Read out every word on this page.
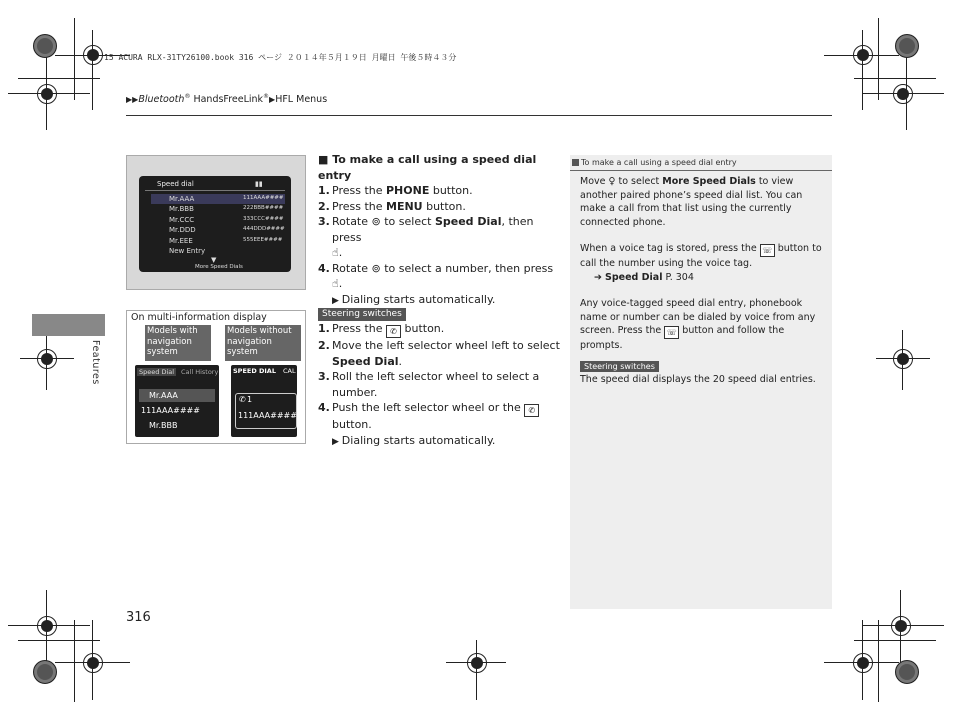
15 ACURA RLX-31TY26100.book 316 ページ ２０１４年５月１９日 月曜日 午後５時４３分
▶▶Bluetooth® HandsFreeLink®▶HFL Menus
Features
Speed dial	▮▮
Mr.AAA	111AAA####
Mr.BBB	222BBB####
Mr.CCC	333CCC####
Mr.DDD	444DDD####
Mr.EEE	555EEE####
New Entry
▼
More Speed Dials
On multi-information display
Models with navigation system
Models without navigation system
Speed Dial	Call History
Mr.AAA
111AAA####
Mr.BBB
SPEED DIAL CAL
✆ 1
111AAA####
■ To make a call using a speed dial entry
1. Press the PHONE button.
2. Press the MENU button.
3. Rotate ⊚ to select Speed Dial, then press
☝.
4. Rotate ⊚ to select a number, then press
☝.
▶ Dialing starts automatically.
Steering switches
1. Press the ✆ button.
2. Move the left selector wheel left to select
Speed Dial.
3. Roll the left selector wheel to select a number.
4. Push the left selector wheel or the ✆
button.
▶ Dialing starts automatically.
To make a call using a speed dial entry

Move ♀ to select More Speed Dials to view another paired phone’s speed dial list. You can make a call from that list using the currently connected phone.

When a voice tag is stored, press the ☏ button to call the number using the voice tag.
➔ Speed Dial P. 304

Any voice-tagged speed dial entry, phonebook name or number can be dialed by voice from any screen. Press the ☏ button and follow the prompts.

Steering switches
The speed dial displays the 20 speed dial entries.
316
